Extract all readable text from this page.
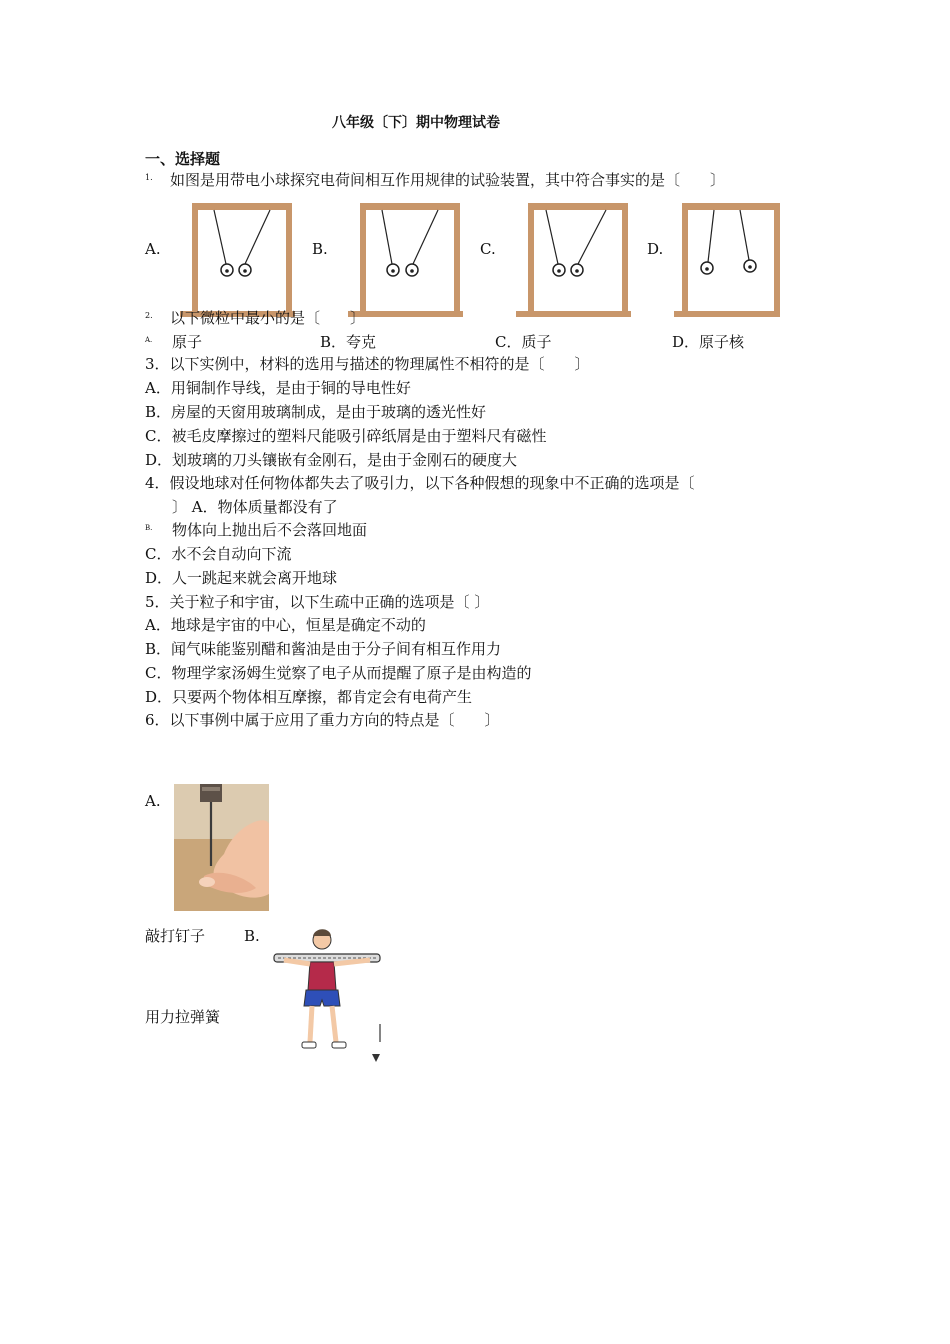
八年级〔下〕期中物理试卷
一、选择题
1. 如图是用带电小球探究电荷间相互作用规律的试验装置，其中符合事实的是〔　　〕
A.	B.	C.	D.
2. 以下微粒中最小的是〔　　〕
A. 原子	B．夸克	C．质子	D．原子核
3．以下实例中，材料的选用与描述的物理属性不相符的是〔　　〕
A．用铜制作导线，是由于铜的导电性好
B．房屋的天窗用玻璃制成，是由于玻璃的透光性好
C．被毛皮摩擦过的塑料尺能吸引碎纸屑是由于塑料尺有磁性
D．划玻璃的刀头镶嵌有金刚石，是由于金刚石的硬度大
4．假设地球对任何物体都失去了吸引力，以下各种假想的现象中不正确的选项是〔
〕 A．物体质量都没有了
B. 物体向上抛出后不会落回地面
C．水不会自动向下流
D．人一跳起来就会离开地球
5．关于粒子和宇宙，以下生疏中正确的选项是〔 〕
A．地球是宇宙的中心，恒星是确定不动的
B．闻气味能鉴别醋和酱油是由于分子间有相互作用力
C．物理学家汤姆生觉察了电子从而提醒了原子是由构造的
D．只要两个物体相互摩擦，都肯定会有电荷产生
6．以下事例中属于应用了重力方向的特点是〔　　〕
A.
敲打钉子	B.
用力拉弹簧
